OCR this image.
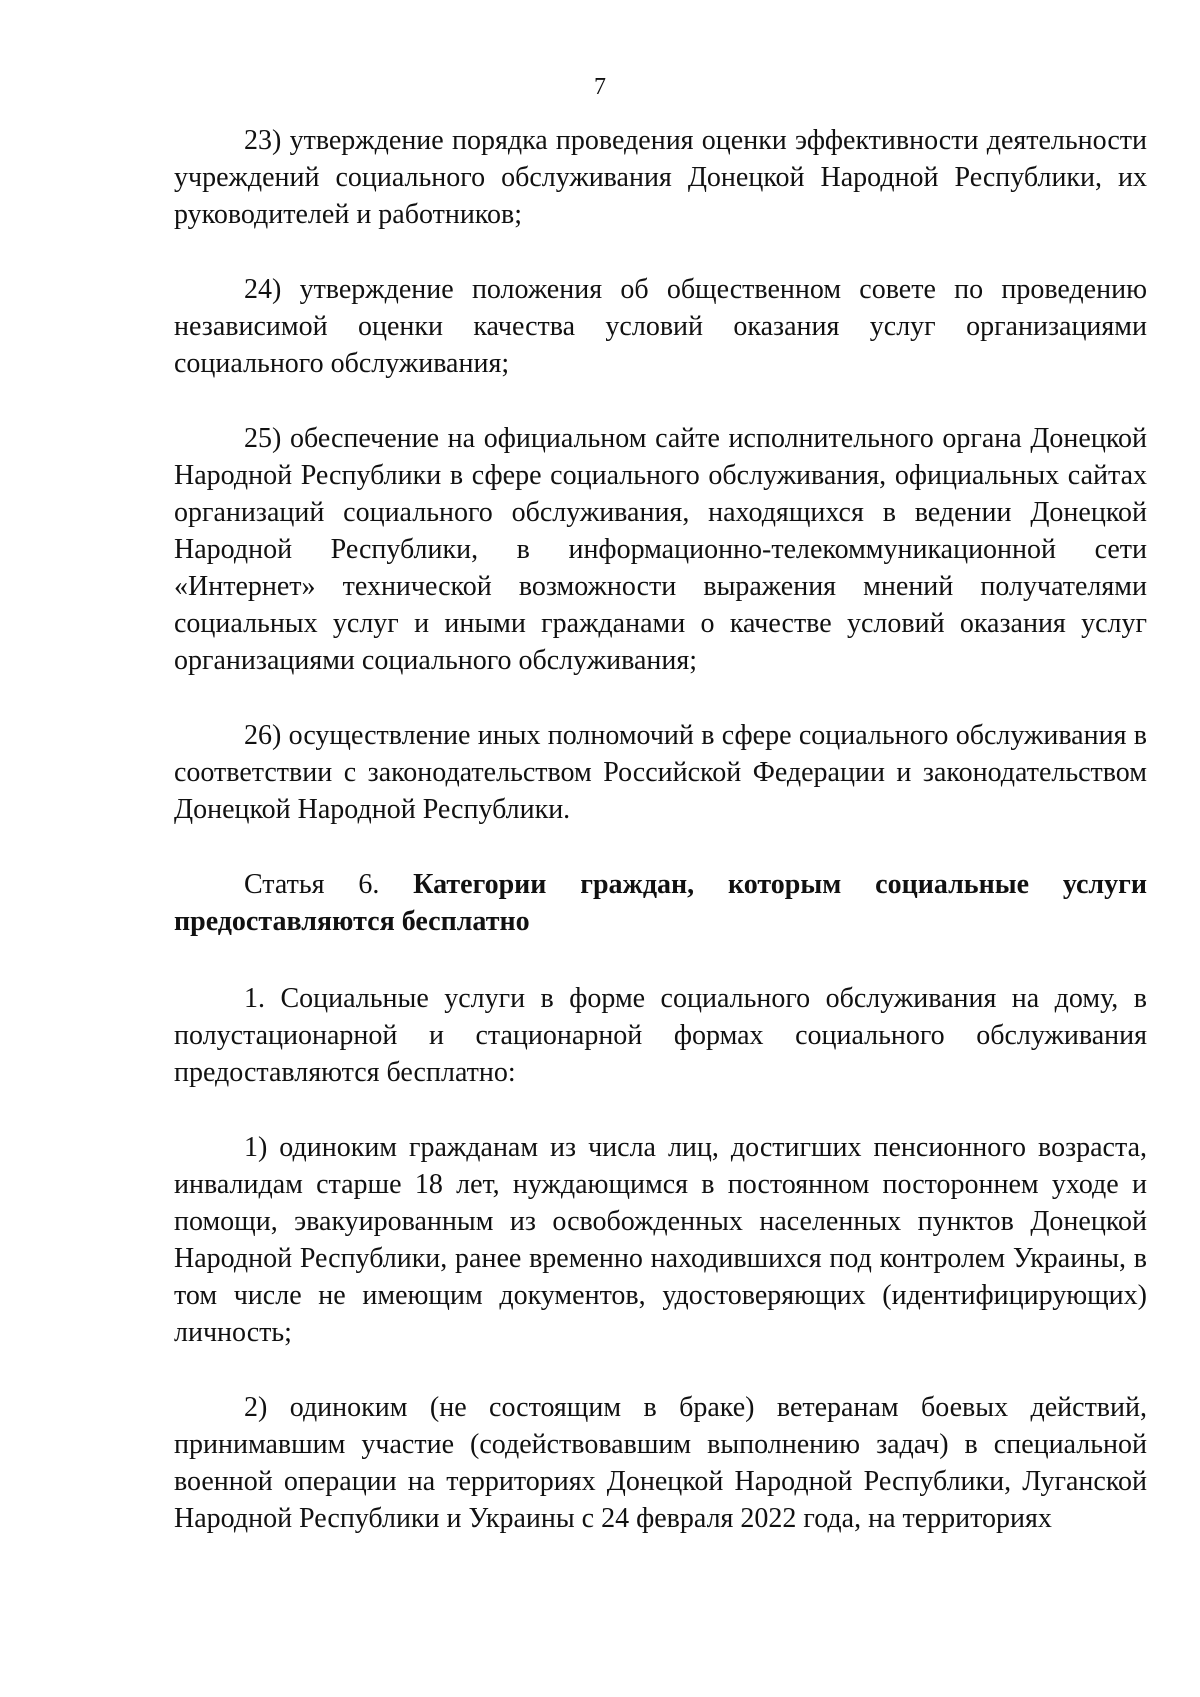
7

23) утверждение порядка проведения оценки эффективности деятельности учреждений социального обслуживания Донецкой Народной Республики, их руководителей и работников;

24) утверждение положения об общественном совете по проведению независимой оценки качества условий оказания услуг организациями социального обслуживания;

25) обеспечение на официальном сайте исполнительного органа Донецкой Народной Республики в сфере социального обслуживания, официальных сайтах организаций социального обслуживания, находящихся в ведении Донецкой Народной Республики, в информационно-телекоммуникационной сети «Интернет» технической возможности выражения мнений получателями социальных услуг и иными гражданами о качестве условий оказания услуг организациями социального обслуживания;

26) осуществление иных полномочий в сфере социального обслуживания в соответствии с законодательством Российской Федерации и законодательством Донецкой Народной Республики.

Статья 6. Категории граждан, которым социальные услуги предоставляются бесплатно

1. Социальные услуги в форме социального обслуживания на дому, в полустационарной и стационарной формах социального обслуживания предоставляются бесплатно:

1) одиноким гражданам из числа лиц, достигших пенсионного возраста, инвалидам старше 18 лет, нуждающимся в постоянном постороннем уходе и помощи, эвакуированным из освобожденных населенных пунктов Донецкой Народной Республики, ранее временно находившихся под контролем Украины, в том числе не имеющим документов, удостоверяющих (идентифицирующих) личность;

2) одиноким (не состоящим в браке) ветеранам боевых действий, принимавшим участие (содействовавшим выполнению задач) в специальной военной операции на территориях Донецкой Народной Республики, Луганской Народной Республики и Украины с 24 февраля 2022 года, на территориях
